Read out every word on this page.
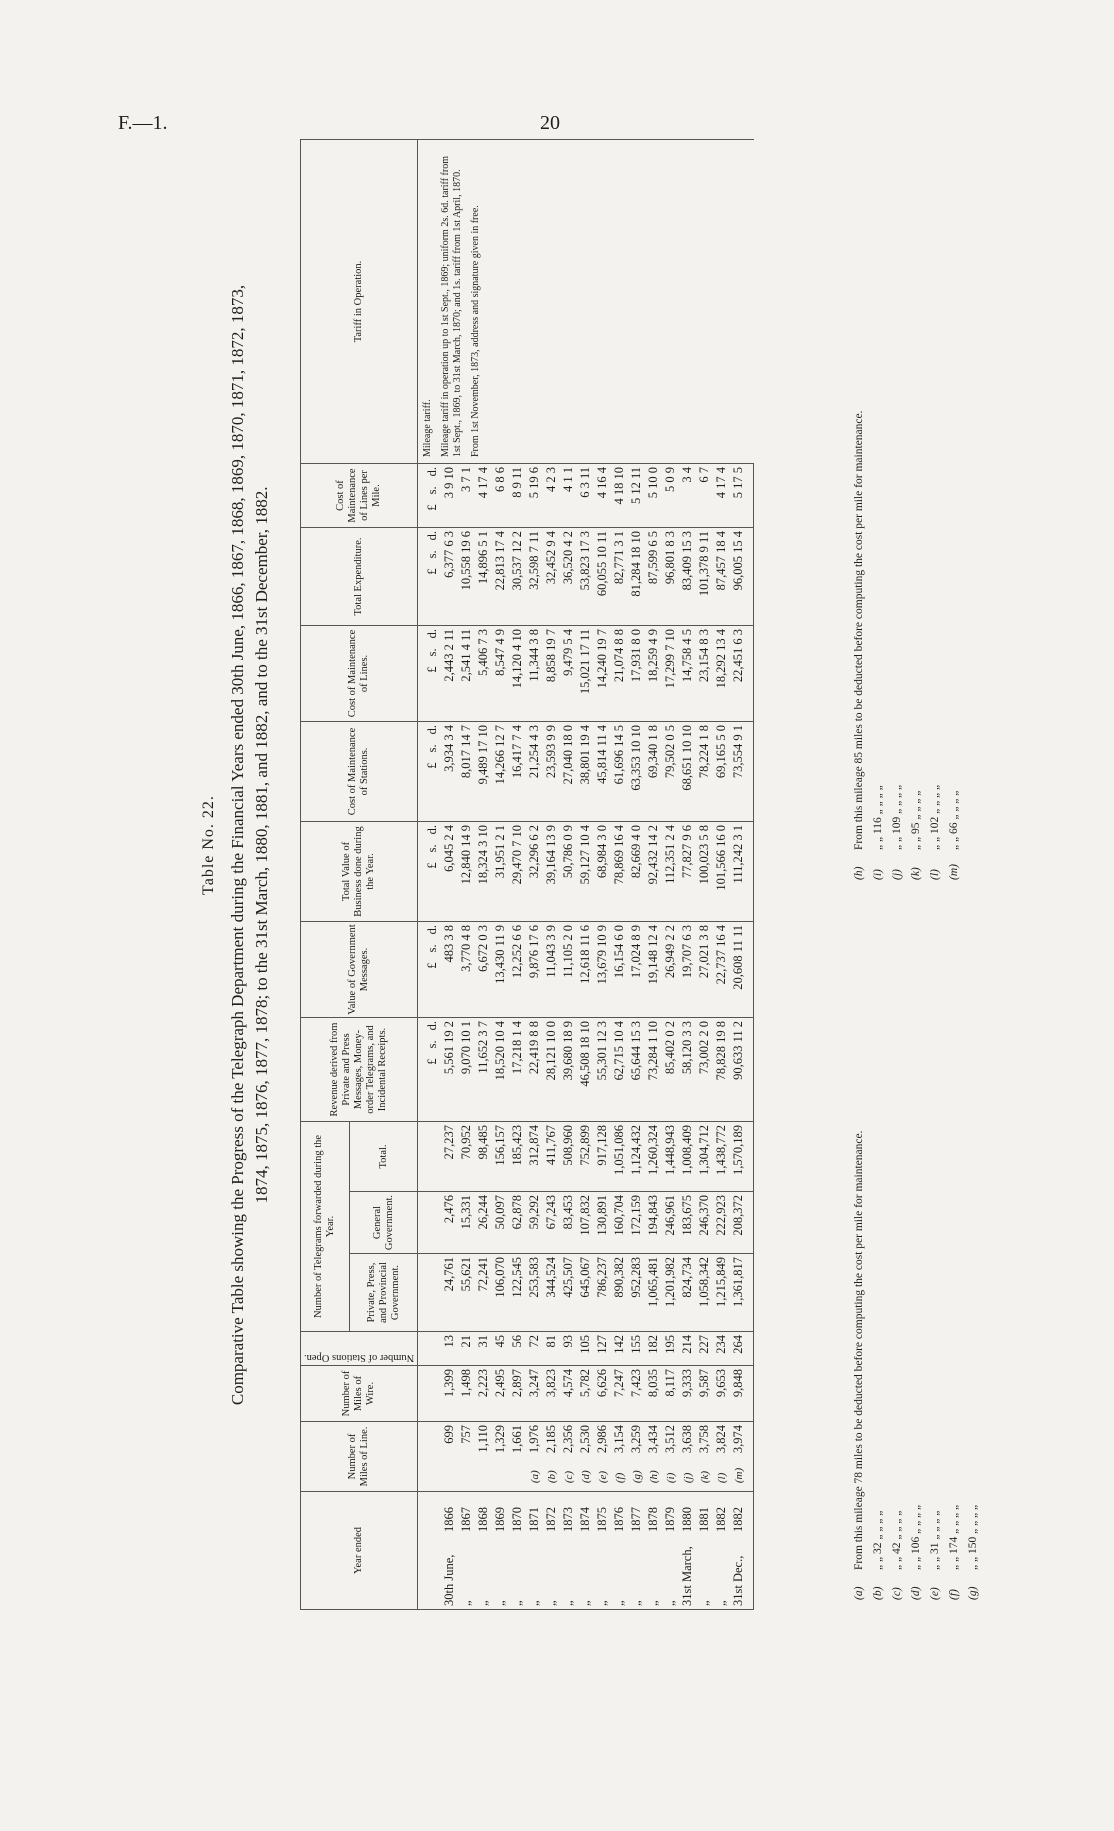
F.—1.	20
Table No. 22. Comparative Table showing the Progress of the Telegraph Department during the Financial Years ended 30th June, 1866, 1867, 1868, 1869, 1870, 1871, 1872, 1873, 1874, 1875, 1876, 1877, 1878; to the 31st March, 1880, 1881, and 1882, and to the 31st December, 1882.
Year ended	Number of Miles of Line.	Number of Miles of Wire.	Number of Stations Open.	Number of Telegrams forwarded during the Year.			Revenue derived from Private and Press Messages, Money-order Telegrams, and Incidental Receipts.	Value of Government Messages.	Total Value of Business done during the Year.	Cost of Maintenance of Stations.	Cost of Maintenance of Lines.	Total Expenditure.	Cost of Maintenance of Lines per Mile.	Tariff in Operation.
				Private, Press, and Provincial Government.	General Government.	Total.								
							£s.d.	£s.d.	£s.d.	£s.d.	£s.d.	£s.d.	£s.d.	Mileage tariff. Mileage tariff in operation up to 1st Sept., 1869; uniform 2s. 6d. tariff from 1st Sept., 1869, to 31st March, 1870; and 1s. tariff from 1st April, 1870. From 1st November, 1873, address and signature given in free.

30th June,1866	699	1,399	13	24,761	2,476	27,237	5,561 19 2	483 3 8	6,045 2 4	3,934 3 4	2,443 2 11	6,377 6 3	3 9 10	
„1867	757	1,498	21	55,621	15,331	70,952	9,070 10 1	3,770 4 8	12,840 14 9	8,017 14 7	2,541 4 11	10,558 19 6	3 7 1	
„1868	1,110	2,223	31	72,241	26,244	98,485	11,652 3 7	6,672 0 3	18,324 3 10	9,489 17 10	5,406 7 3	14,896 5 1	4 17 4	
„1869	1,329	2,495	45	106,070	50,097	156,157	18,520 10 4	13,430 11 9	31,951 2 1	14,266 12 7	8,547 4 9	22,813 17 4	6 8 6	
„1870	1,661	2,897	56	122,545	62,878	185,423	17,218 1 4	12,252 6 6	29,470 7 10	16,417 7 4	14,120 4 10	30,537 12 2	8 9 11	
„1871	(a)1,976	3,247	72	253,583	59,292	312,874	22,419 8 8	9,876 17 6	32,296 6 2	21,254 4 3	11,344 3 8	32,598 7 11	5 19 6	
„1872	(b)2,185	3,823	81	344,524	67,243	411,767	28,121 10 0	11,043 3 9	39,164 13 9	23,593 9 9	8,858 19 7	32,452 9 4	4 2 3	
„1873	(c)2,356	4,574	93	425,507	83,453	508,960	39,680 18 9	11,105 2 0	50,786 0 9	27,040 18 0	9,479 5 4	36,520 4 2	4 1 1	
„1874	(d)2,530	5,782	105	645,067	107,832	752,899	46,508 18 10	12,618 11 6	59,127 10 4	38,801 19 4	15,021 17 11	53,823 17 3	6 3 11	
„1875	(e)2,986	6,626	127	786,237	130,891	917,128	55,301 12 3	13,679 10 9	68,984 3 0	45,814 11 4	14,240 19 7	60,055 10 11	4 16 4	
„1876	(f)3,154	7,247	142	890,382	160,704	1,051,086	62,715 10 4	16,154 6 0	78,869 16 4	61,696 14 5	21,074 8 8	82,771 3 1	4 18 10	
„1877	(g)3,259	7,423	155	952,283	172,159	1,124,432	65,644 15 3	17,024 8 9	82,669 4 0	63,353 10 10	17,931 8 0	81,284 18 10	5 12 11	
„1878	(h)3,434	8,035	182	1,065,481	194,843	1,260,324	73,284 1 10	19,148 12 4	92,432 14 2	69,340 1 8	18,259 4 9	87,599 6 5	5 10 0	
„1879	(i)3,512	8,117	195	1,201,982	246,961	1,448,943	85,402 0 2	26,949 2 2	112,351 2 4	79,502 0 5	17,299 7 10	96,801 8 3	5 0 9	
31st March,1880	(j)3,638	9,333	214	824,734	183,675	1,008,409	58,120 3 3	19,707 6 3	77,827 9 6	68,651 10 10	14,758 4 5	83,409 15 3	3 4	
„1881	(k)3,758	9,587	227	1,058,342	246,370	1,304,712	73,002 2 0	27,021 3 8	100,023 5 8	78,224 1 8	23,154 8 3	101,378 9 11	6 7	
„1882	(l)3,824	9,653	234	1,215,849	222,923	1,438,772	78,828 19 8	22,737 16 4	101,566 16 0	69,165 5 0	18,292 13 4	87,457 18 4	4 17 4	
31st Dec.,1882	(m)3,974	9,848	264	1,361,817	208,372	1,570,189	90,633 11 2	20,608 11 11	111,242 3 1	73,554 9 1	22,451 6 3	96,005 15 4	5 17 5	
(a)From this mileage 78 miles to be deducted before computing the cost per mile for maintenance.
(b)„ „ 32 „ „ „ „
(c)„ „ 42 „ „ „ „
(d)„ „ 106 „ „ „ „
(e)„ „ 31 „ „ „ „
(f)„ „ 174 „ „ „ „
(g)„ „ 150 „ „ „ „
(h)From this mileage 85 miles to be deducted before computing the cost per mile for maintenance.
(i)„ „ 116 „ „ „ „
(j)„ „ 109 „ „ „ „
(k)„ „ 95 „ „ „ „
(l)„ „ 102 „ „ „ „
(m)„ „ 66 „ „ „ „
